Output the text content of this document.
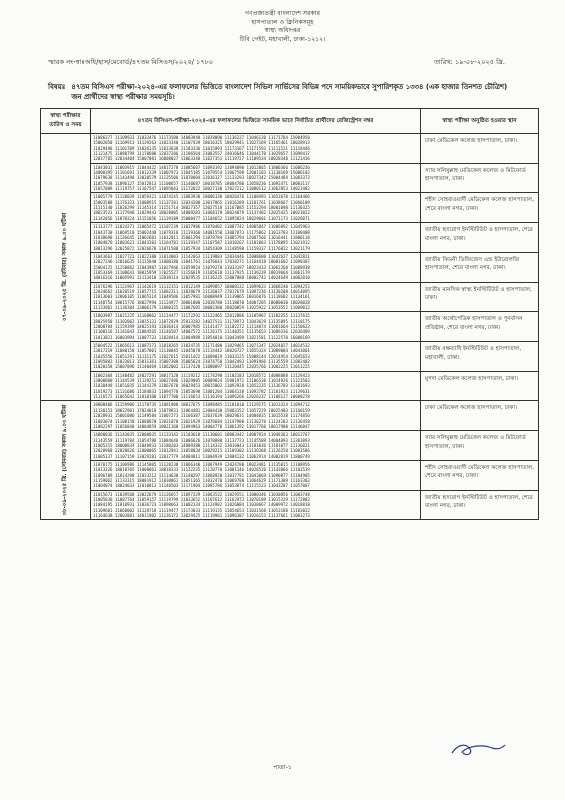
গণপ্রজাতন্ত্রী বাংলাদেশ সরকার
হাসপাতাল ও ক্লিনিকসমূহ
স্বাস্থ্য অধিদপ্তর
টিবি গেইট, মহাখালী, ঢাকা-১২১২।
স্মারক নং-স্বাঃঅধি/হাস/মেবোর্ড/৪৭তম বিসিএস/২০২৫/ ১৭৮০	তারিখ: ১৯-০৮-২০২৫ খ্রি.
বিষয়ঃ ৪৭তম বিসিএস পরীক্ষা-২০২৪-এর ফলাফলের ভিত্তিতে বাংলাদেশ সিভিল সার্ভিসের বিভিন্ন পদে সাময়িকভাবে সুপারিশকৃত ১৩৩৪ (এক হাজার তিনশত চৌত্রিশ) জন প্রার্থীদের স্বাস্থ্য পরীক্ষার সময়সূচি।
স্বাস্থ্য পরীক্ষার তারিখ ও সময়	৪৭তম বিসিএস-পরীক্ষা-২০২৪-এর ফলাফলের ভিত্তিতে সাময়িক ভাবে নির্বাচিত প্রার্থীদের রেজিস্ট্রেশন নম্বর	স্বাস্থ্য পরীক্ষা অনুষ্ঠিত হওয়ার স্থান

০৭-০৯-২০২৫ খ্রি. (রবিবার) সকাল ৯.০০ ঘটিকা	11086377 11109933 11033476 11173580 14003948 11028090 11136227 11046120 11171784 15004950
15002050 11169913 11139263 11023340 11107439 18016325 18029941 11027169 11165461 18028913
11029490 11101709 11026135 11013638 11183336 11015993 11173167 11171593 11111521 11118446
11121475 11088799 11178608 12037206 11106564 11083557 14016646 11044170 11029657 11099417
12037785 12034404 15007081 16008027 11063348 11027351 11119727 11109534 18028348 11121436	ঢাকা মেডিকেল কলেজ হাসপাতাল, ঢাকা।

	11043031 11003915 11044422 14017278 11085607 11093192 11094890 11012065 11800366 11086236
14000395 11101691 11012339 11007973 11045185 11079554 11067598 12001183 11138169 15006102
11079638 11143490 13020579 11135506 11070004 12016127 11133293 18027342 15004484 11083372
11057938 11096127 15012813 11100657 11140687 18018785 18004780 11058236 11092471 18003117
11057089 11119757 11167547 11095043 11172022 18027130 17027212 11080112 11062853 14023482	স্যার সলিমুল্লাহ মেডিকেল কলেজ ও মিটফোর্ড হাসপাতাল, ঢাকা।

	11005779 11128039 11059321 11074245 11083938 18006138 18026476 11108493 11052670 11164466
15003588 11176323 11008915 11137201 12034200 13017865 11016189 11181761 11038667 11060109
11115140 11026299 11145314 11151714 18027357 12027518 11167085 11152294 18001098 11130325
18023521 11177940 11029443 18028005 14009283 11068178 18024079 11137482 12025425 18023022
11142056 11070324 11151056 11139189 15000477 11104652 11095824 18029601 11071173 11026071	শহীদ সোহরাওয়ার্দী মেডিকেল কলেজ হাসপাতাল, শেরে বাংলা নগর, ঢাকা।

	11113777 11024271 11065472 11107239 11037986 11070482 11087742 14005847 11086892 11045963
11043730 11069510 15002448 11079316 11119366 14001550 13007073 11175862 11013703 11100488
11038690 11136645 11002601 11012011 15001294 11079784 11005794 12007566 11016441 11800118
11084876 11083621 11043203 11164781 11139347 11107587 11010267 11101863 11178095 11021912
18013296 12025872 12026670 11071508 11057934 11054309 11148590 11159337 11176822 13021179	জাতীয় হৃদরোগ ইনস্টিটিউট ও হাসপাতাল, শেরে বাংলা নগর, ঢাকা।

	11043663 11027723 11022380 11014003 11142663 11119883 12034446 12008600 11042627 11042821
12027246 12016635 11115040 11800186 11041761 11076643 17018271 11164418 18001602 11099387
15004125 11150862 11043987 11027946 11059924 11079278 11033197 18023433 11062268 11088938
11053169 11108643 18025959 17025527 11156619 11105618 11137925 11136239 18019664 11061179
18016316 11005991 11113410 12038114 12029535 11136235 12007888 18002742 14024649 14002010	জাতীয় কিডনী ডিজিজেস এন্ড ইউরোলজি হাসপাতাল, শেরে বাংলা নগর, ঢাকা।

	11076296 11121967 11142619 11132153 11012149 11099857 18008132 11099633 11068240 11094253
12034662 11020519 11057715 11082211 11028679 11126037 17017679 11097236 11130208 14014095
11013603 12006105 11065314 11049506 11057981 16008949 11139065 18016876 11118602 11134161
11148754 18015776 18027994 11124977 18001000 12038780 11118870 14007205 18000030 18028028
11133962 11136384 13006179 11080325 11087605 18002380 18020059 11025922 11053552 11009012	জাতীয় মানসিক স্বাস্থ্য ইনস্টিটিউট ও হাসপাতাল, ঢাকা।

	11003987 11021225 11168862 11114477 11172291 11122465 12012886 11105987 11182255 11137615
18025950 11102062 13015131 11072929 15013282 14027531 11178973 11043629 11135895 11110175
12000784 11159399 14025193 11036414 16007985 11141477 11102272 11114074 11081664 11150622
11108116 11141043 11084565 11146507 14007572 11126175 11148351 11135653 11089336 12036489
11013821 16003994 11007723 11028414 12004989 11054010 11043499 11021581 11122570 16008169	জাতীয় অর্থোপেডিক হাসপাতাল ও পুনর্বাসন প্রতিষ্ঠান, শেরে বাংলা নগর, ঢাকা।

	15004522 11065612 11087173 11018265 11024735 11171480 11029465 11071347 12024827 14014532
13017219 11080158 11057001 11130845 11045078 11114442 18026727 11055324 11009084 14041001
11035556 11051291 11131175 11027615 15011422 11009019 11033125 15008144 12014954 11045653
11095802 11023013 15011361 15007308 15005624 11074750 11042493 11091966 11135559 11082482
11020358 15007096 11140469 11062002 11137428 11080897 11120445 12035766 11002225 11011225	জাতীয় বক্ষব্যাধি ইনস্টিটিউট ও হাসপাতাল, মহাখালী, ঢাকা।

	11002304 11140482 14027291 18017128 11119212 11174290 11102183 12018572 14008888 11129423
13000800 11144539 11139251 18027486 11029005 18009824 15001971 11106538 11014926 11123503
11030449 11051035 11144179 11067670 18029453 18015002 11092920 11052235 11136703 11101693
11019273 11131686 11184833 11094770 11053690 11081284 11064138 11092782 11181923 11139631
11116572 11065642 11010100 11077708 11116653 11116194 11096266 12026237 11108127 18008278	মুগদা মেডিকেল কলেজ হাসপাতাল, ঢাকা।

০৮-০৯-২০২৫ খ্রি. (সোমবার) সকাল ৯.০০ ঘটিকা	18008406 11159906 11170735 11081908 18017675 11098485 11181010 11129175 11013324 11094712
11130153 18022901 17024018 11079831 11064481 12004430 15003152 11057229 18025403 11168159
12028931 15001086 11149584 11007273 11166387 12037639 18029631 14004035 11015538 11174850
11083074 11108158 11060870 12031078 11021929 11076684 11147980 11136270 11124183 11136458
11082297 11056840 14004859 18021160 11094963 14004778 11061392 13017760 18017980 11146047	ঢাকা মেডিকেল কলেজ হাসপাতাল, ঢাকা।

	14008036 11143035 12800035 11133142 11103618 11130601 18003442 14007924 11048363 18012767
11143559 11119784 11054788 11084646 11006626 11070880 11137723 11145509 14004093 11303093
11005215 18008834 11048933 11180203 14009388 11114332 13016043 11181036 11181077 11136021
12020968 12028826 11800065 11012941 11058034 18029215 11109302 11136368 11126250 11003586
11005137 11107159 13029281 12017779 14004011 11004939 12004132 11062914 14002819 11800749	স্যার সলিমুল্লাহ মেডিকেল কলেজ ও মিটফোর্ড হাসপাতাল, ঢাকা।

	11070175 11106986 11145805 11128238 11066340 11087949 12024700 18023481 11135015 11108956
11013326 18018705 11008061 18018333 11122235 11120770 11001146 14028520 11143066 11101539
11096709 11014290 11033212 11114638 11140297 11068920 11017791 11043069 11090877 11104905
11159062 11133315 18001912 11030861 11051365 11032470 11069708 11064629 11171309 11163303
11004074 18024033 11010813 11140503 11171904 11085786 11053874 11115523 11043287 11057007	শহীদ সোহরাওয়ার্দী মেডিকেল কলেজ হাসপাতাল, শেরে বাংলা নগর, ঢাকা।

	11015673 11039568 13022679 11126657 11097329 11063532 11029551 11080346 11030856 11003748
11005830 11087764 11059157 11119799 11033652 11107612 11162973 11070109 11015329 11172883
11084195 11010931 11036723 11098663 11002134 11124982 11026084 11030667 14009972 14018818
11109681 11060002 11128718 11119477 11173033 11119135 11054653 11031568 11053188 11183022
11164638 12003881 14011902 11136172 13029425 11119981 11096387 11026153 11137661 11003273	জাতীয় হৃদরোগ ইনস্টিটিউট ও হাসপাতাল, শেরে বাংলা নগর, ঢাকা।
পাতা-১
